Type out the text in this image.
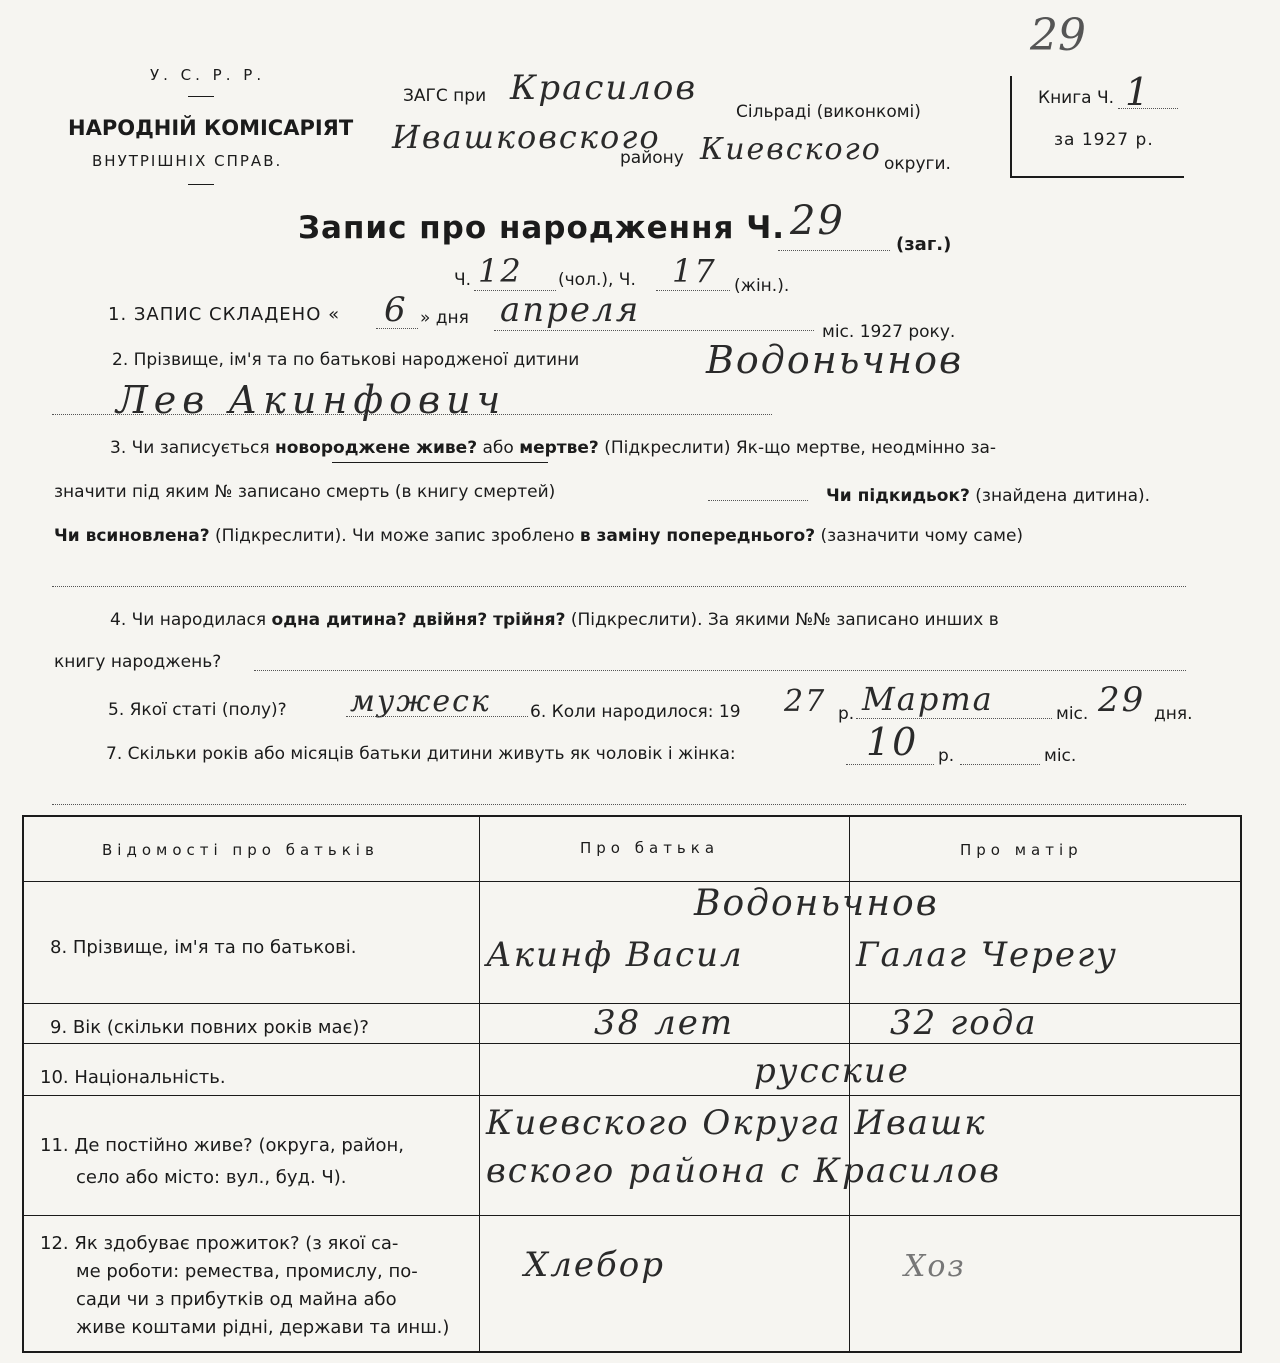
29
У. С. Р. Р.
НАРОДНІЙ КОМІСАРІЯТ
ВНУТРІШНІХ СПРАВ.
ЗАГС при Красилов
Сільраді (виконкомі)
Ивашковского
району Киевского округи.
Книга Ч. 1
за 1927 р.
Запис про народження Ч. 29
(заг.)
Ч. 12 (чол.), Ч. 17 (жін.).
1. ЗАПИС СКЛАДЕНО « 6 » дня апреля
міс. 1927 року.
2. Прізвище, ім'я та по батькові народженої дитини	Водоньчнов
Лев Акинфович
3. Чи записується новороджене живе? або мертве? (Підкреслити) Як-що мертве, неодмінно за-
значити під яким № записано смерть (в книгу смертей)	Чи підкидьок? (знайдена дитина).
Чи всиновлена? (Підкреслити). Чи може запис зроблено в заміну попереднього? (зазначити чому саме)
4. Чи народилася одна дитина? двійня? трійня? (Підкреслити). За якими №№ записано инших в
книгу народжень?
5. Якої статі (полу)? мужеск 6. Коли народилося: 19 27 р. Марта	міс. 29 дня.
7. Скільки років або місяців батьки дитини живуть як чоловік і жінка:	10 р.	міс.
Відомості про батьків	Про батька	Про матір
8. Прізвище, ім'я та по батькові.
Водоньчнов
Акинф Васил	Галаг Черегу
9. Вік (скільки повних років має)?	38 лет	32 года
10. Національність.	русские
11. Де постійно живе? (округа, район,
село або місто: вул., буд. Ч).
Киевского Округа Ивашк
вского района с Красилов
12. Як здобуває прожиток? (з якої са-
ме роботи: ремества, промислу, по-
сади чи з прибутків од майна або
живе коштами рідні, держави та инш.)
Хлебор	Хоз
